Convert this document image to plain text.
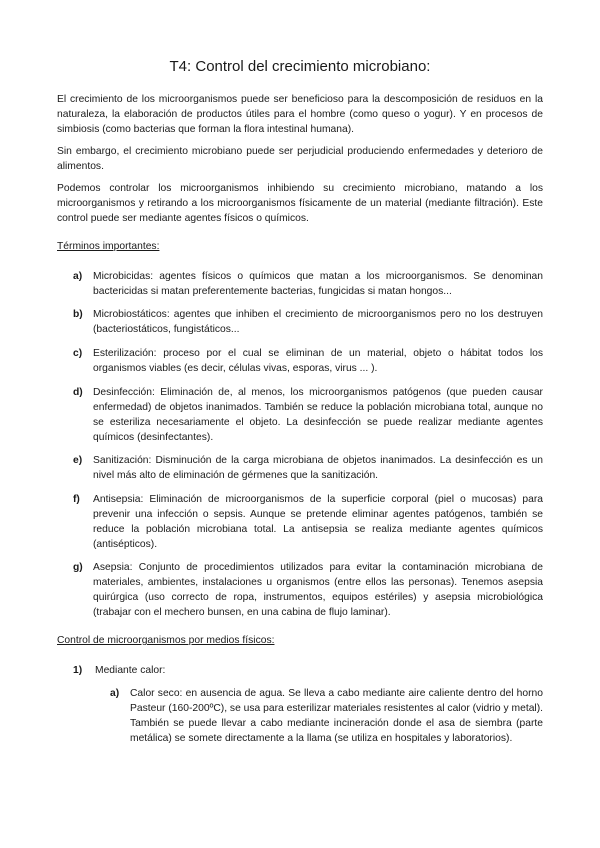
T4: Control del crecimiento microbiano:

El crecimiento de los microorganismos puede ser beneficioso para la descomposición de residuos en la naturaleza, la elaboración de productos útiles para el hombre (como queso o yogur). Y en procesos de simbiosis (como bacterias que forman la flora intestinal humana).

Sin embargo, el crecimiento microbiano puede ser perjudicial produciendo enfermedades y deterioro de alimentos.

Podemos controlar los microorganismos inhibiendo su crecimiento microbiano, matando a los microorganismos y retirando a los microorganismos físicamente de un material (mediante filtración). Este control puede ser mediante agentes físicos o químicos.

Términos importantes:

a)	Microbicidas: agentes físicos o químicos que matan a los microorganismos. Se denominan bactericidas si matan preferentemente bacterias, fungicidas si matan hongos...
b) Microbiostáticos: agentes que inhiben el crecimiento de microorganismos pero no los destruyen (bacteriostáticos, fungistáticos...
c)	Esterilización: proceso por el cual se eliminan de un material, objeto o hábitat todos los organismos viables (es decir, células vivas, esporas, virus ... ).
d) Desinfección: Eliminación de, al menos, los microorganismos patógenos (que pueden causar enfermedad) de objetos inanimados. También se reduce la población microbiana total, aunque no se esteriliza necesariamente el objeto. La desinfección se puede realizar mediante agentes químicos (desinfectantes).
e)	Sanitización: Disminución de la carga microbiana de objetos inanimados. La desinfección es un nivel más alto de eliminación de gérmenes que la sanitización.
f)	Antisepsia: Eliminación de microorganismos de la superficie corporal (piel o mucosas) para prevenir una infección o sepsis. Aunque se pretende eliminar agentes patógenos, también se reduce la población microbiana total. La antisepsia se realiza mediante agentes químicos (antisépticos).
g) Asepsia: Conjunto de procedimientos utilizados para evitar la contaminación microbiana de materiales, ambientes, instalaciones u organismos (entre ellos las personas). Tenemos asepsia quirúrgica (uso correcto de ropa, instrumentos, equipos estériles) y asepsia microbiológica (trabajar con el mechero bunsen, en una cabina de flujo laminar).

Control de microorganismos por medios físicos:

1)	Mediante calor:
a)	Calor seco: en ausencia de agua. Se lleva a cabo mediante aire caliente dentro del horno Pasteur (160-200ºC), se usa para esterilizar materiales resistentes al calor (vidrio y metal). También se puede llevar a cabo mediante incineración donde el asa de siembra (parte metálica) se somete directamente a la llama (se utiliza en hospitales y laboratorios).
